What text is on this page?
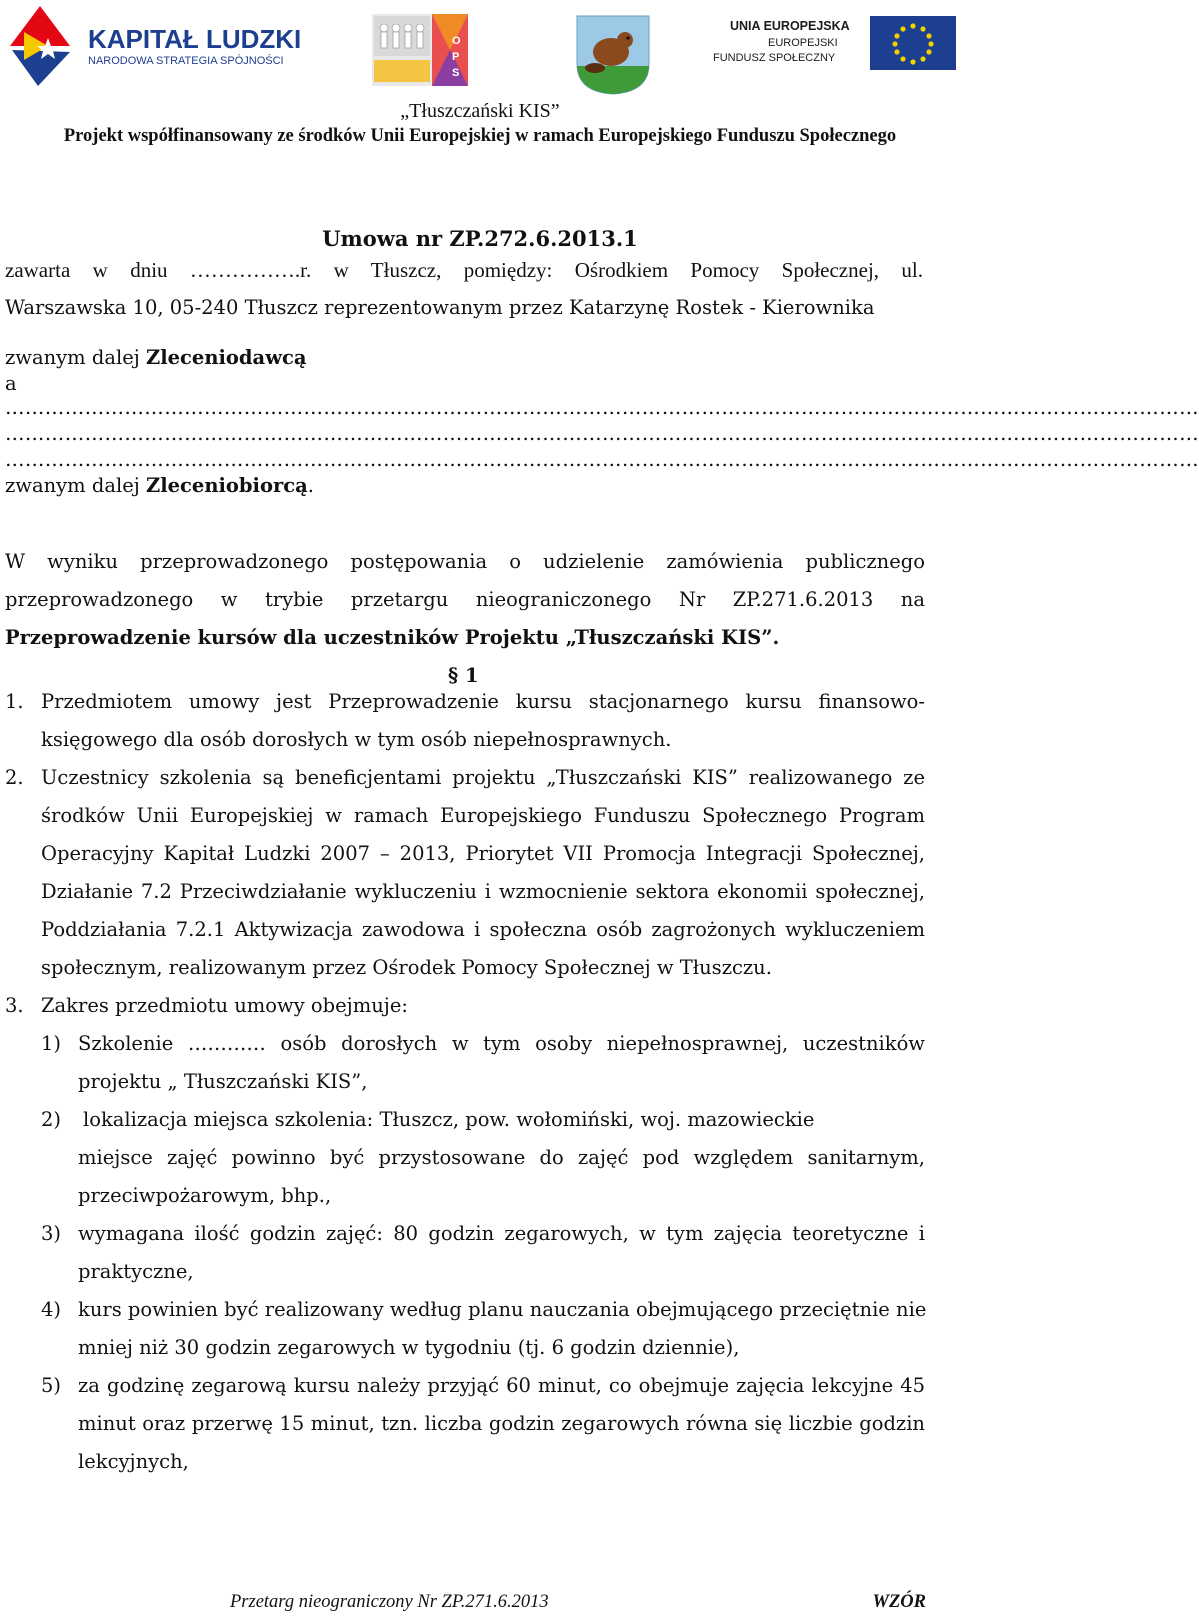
KAPITAŁ LUDZKI
NARODOWA STRATEGIA SPÓJNOŚCI
O
P
S
UNIA EUROPEJSKA
EUROPEJSKI
FUNDUSZ SPOŁECZNY
„Tłuszczański KIS”
Projekt współfinansowany ze środków Unii Europejskiej w ramach Europejskiego Funduszu Społecznego
Umowa nr ZP.272.6.2013.1
zawarta w dniu …………….r. w Tłuszcz, pomiędzy: Ośrodkiem Pomocy Społecznej, ul.
Warszawska 10, 05-240 Tłuszcz reprezentowanym przez Katarzynę Rostek - Kierownika
zwanym dalej Zleceniodawcą
a
………………………………………………………………………………………………………………………………………………………………
………………………………………………………………………………………………………………………………………………………………
………………………………………………………………………………………………………………………………………………………………
zwanym dalej Zleceniobiorcą.
W wyniku przeprowadzonego postępowania o udzielenie zamówienia publicznego
przeprowadzonego w trybie przetargu nieograniczonego Nr ZP.271.6.2013 na
Przeprowadzenie kursów dla uczestników Projektu „Tłuszczański KIS”.
§ 1
1. Przedmiotem umowy jest Przeprowadzenie kursu stacjonarnego kursu finansowo-
księgowego dla osób dorosłych w tym osób niepełnosprawnych.
2. Uczestnicy szkolenia są beneficjentami projektu „Tłuszczański KIS” realizowanego ze
środków Unii Europejskiej w ramach Europejskiego Funduszu Społecznego Program
Operacyjny Kapitał Ludzki 2007 – 2013, Priorytet VII Promocja Integracji Społecznej,
Działanie 7.2 Przeciwdziałanie wykluczeniu i wzmocnienie sektora ekonomii społecznej,
Poddziałania 7.2.1 Aktywizacja zawodowa i społeczna osób zagrożonych wykluczeniem
społecznym, realizowanym przez Ośrodek Pomocy Społecznej w Tłuszczu.
3. Zakres przedmiotu umowy obejmuje:
1) Szkolenie ………… osób dorosłych w tym osoby niepełnosprawnej, uczestników
projektu „ Tłuszczański KIS”,
2) lokalizacja miejsca szkolenia: Tłuszcz, pow. wołomiński, woj. mazowieckie
miejsce zajęć powinno być przystosowane do zajęć pod względem sanitarnym,
przeciwpożarowym, bhp.,
3) wymagana ilość godzin zajęć: 80 godzin zegarowych, w tym zajęcia teoretyczne i
praktyczne,
4) kurs powinien być realizowany według planu nauczania obejmującego przeciętnie nie
mniej niż 30 godzin zegarowych w tygodniu (tj. 6 godzin dziennie),
5) za godzinę zegarową kursu należy przyjąć 60 minut, co obejmuje zajęcia lekcyjne 45
minut oraz przerwę 15 minut, tzn. liczba godzin zegarowych równa się liczbie godzin
lekcyjnych,
Przetarg nieograniczony Nr ZP.271.6.2013	WZÓR
